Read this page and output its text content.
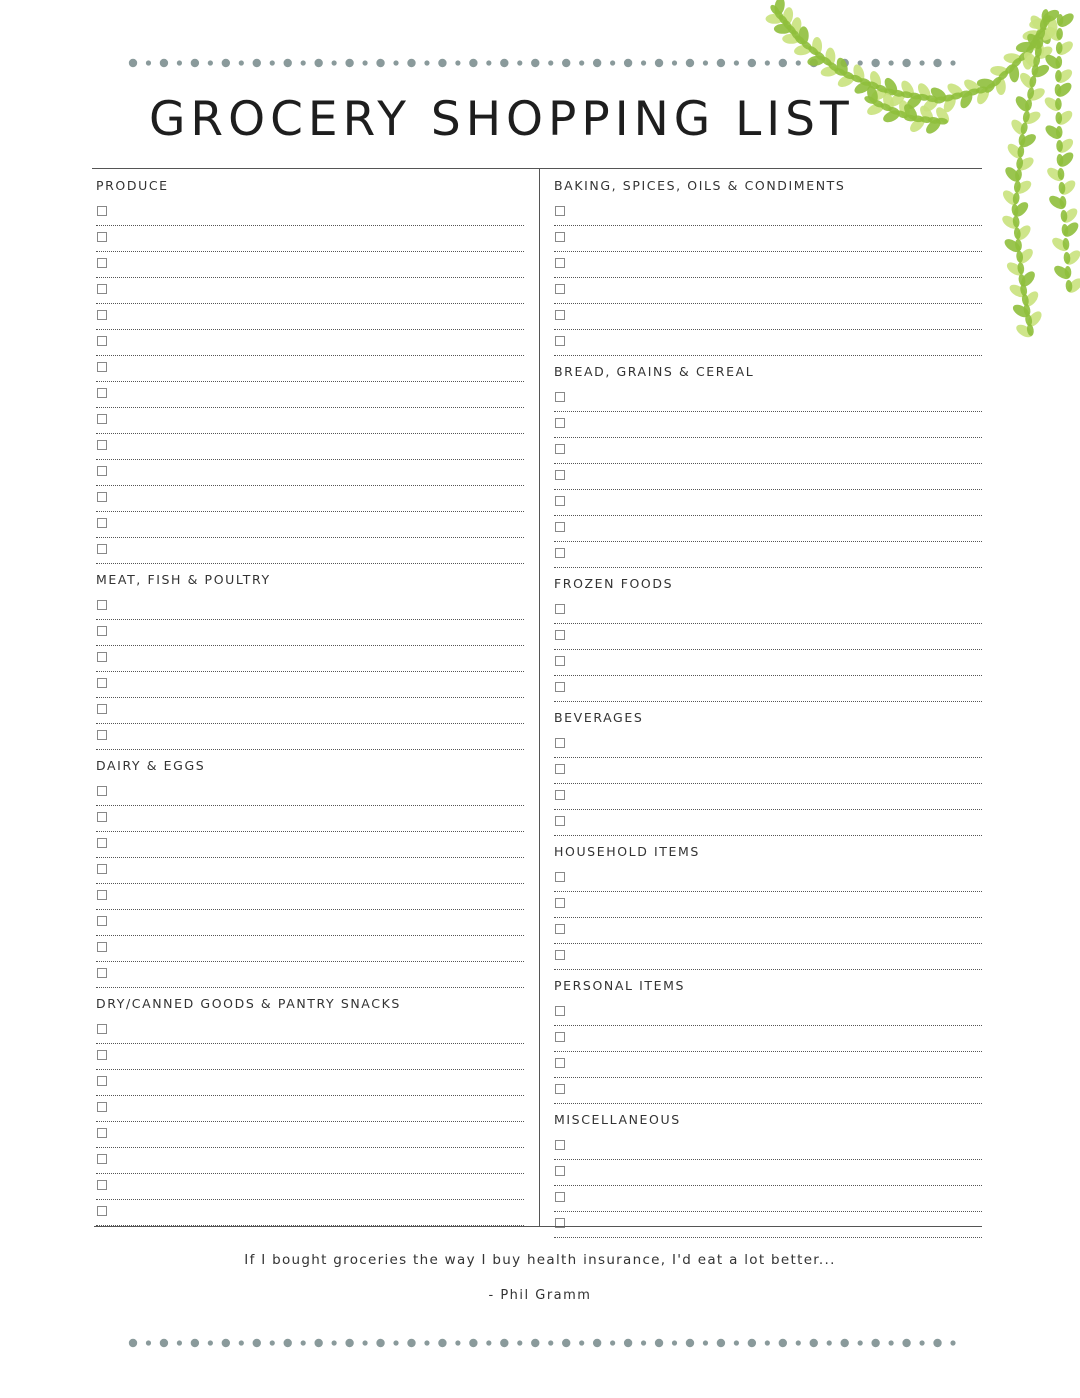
GROCERY SHOPPING LIST
PRODUCE
MEAT, FISH & POULTRY
DAIRY & EGGS
DRY/CANNED GOODS & PANTRY SNACKS
BAKING, SPICES, OILS & CONDIMENTS
BREAD, GRAINS & CEREAL
FROZEN FOODS
BEVERAGES
HOUSEHOLD ITEMS
PERSONAL ITEMS
MISCELLANEOUS
If I bought groceries the way I buy health insurance, I'd eat a lot better...
- Phil Gramm
